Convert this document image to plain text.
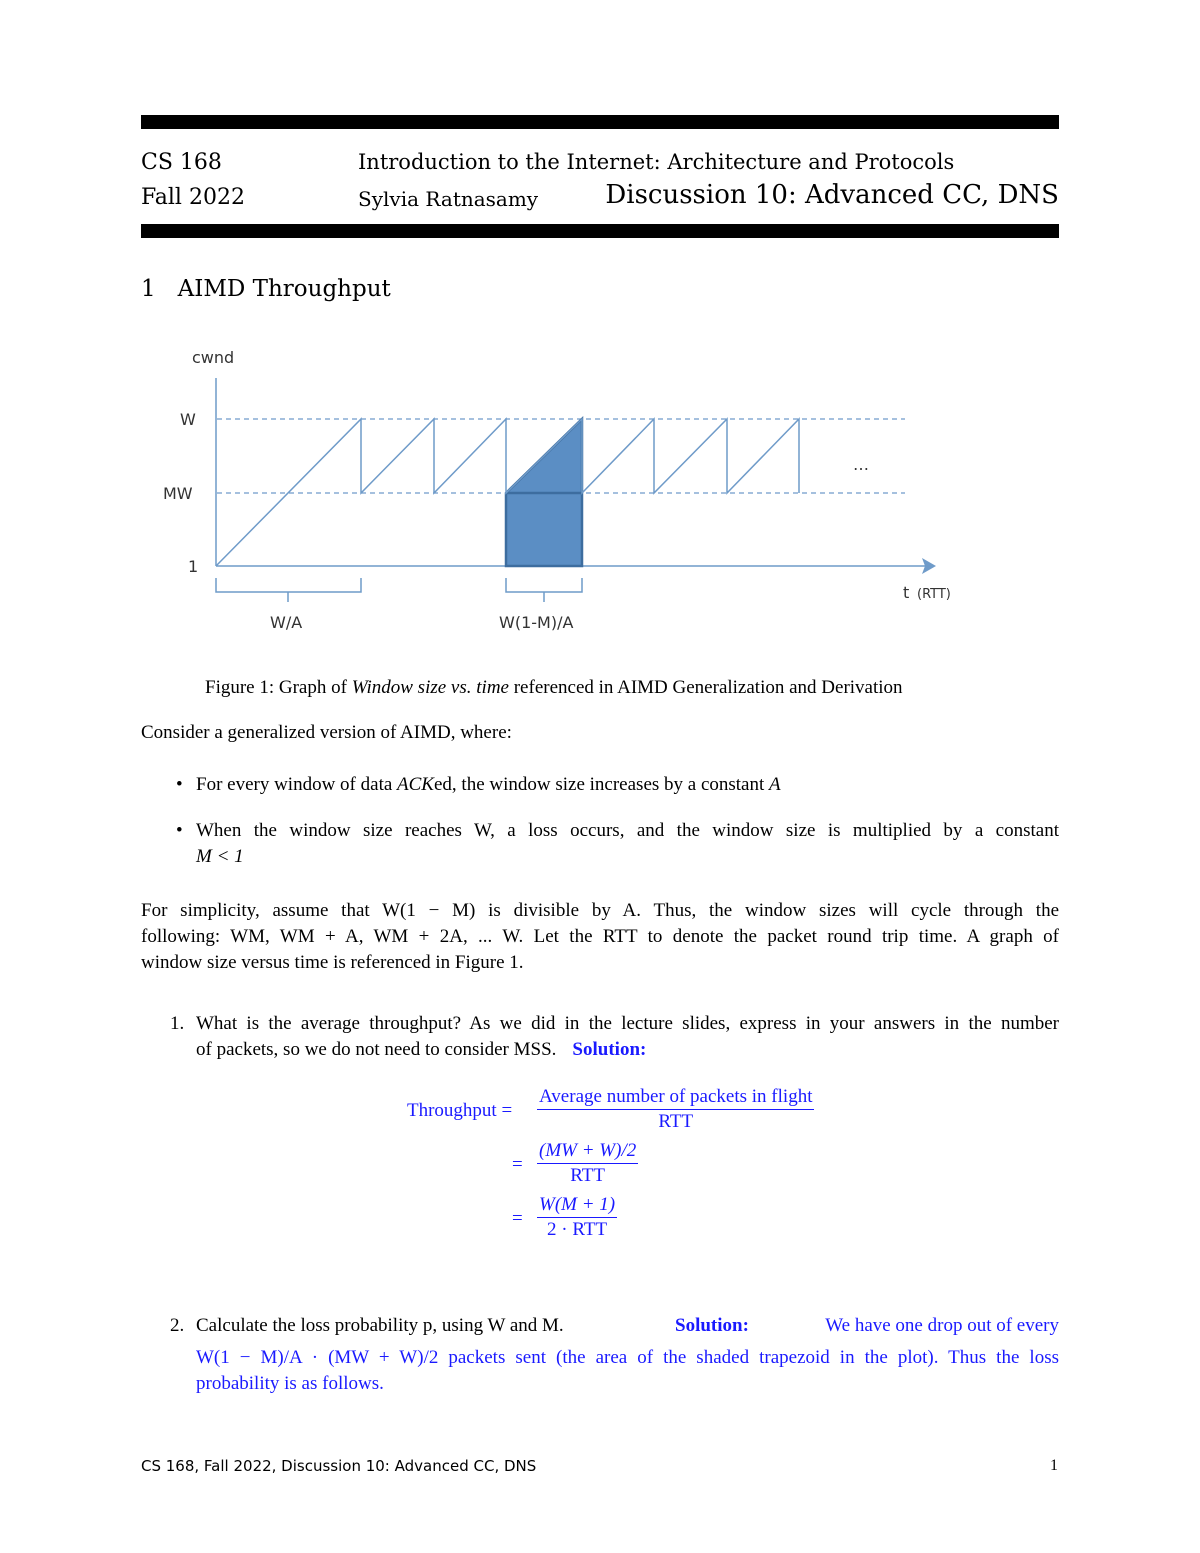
CS 168
Fall 2022
Introduction to the Internet: Architecture and Protocols
Sylvia Ratnasamy	Discussion 10: Advanced CC, DNS
1 AIMD Throughput
cwnd
W
MW
1
…
W/A	W(1-M)/A
t (RTT)
Figure 1: Graph of Window size vs. time referenced in AIMD Generalization and Derivation
Consider a generalized version of AIMD, where:
• For every window of data ACKed, the window size increases by a constant A
• When the window size reaches W, a loss occurs, and the window size is multiplied by a constant
M < 1
For simplicity, assume that W(1 − M) is divisible by A. Thus, the window sizes will cycle through the
following: WM, WM + A, WM + 2A, ... W. Let the RTT to denote the packet round trip time. A graph of
window size versus time is referenced in Figure 1.
1. What is the average throughput? As we did in the lecture slides, express in your answers in the number
of packets, so we do not need to consider MSS. Solution:
Throughput = $\frac{\text{Average number of packets in flight}}{\text{RTT}}$
= $\frac{(MW + W)/2}{\text{RTT}}$
= $\frac{W(M + 1)}{\text{2 · RTT}}$
2. Calculate the loss probability p, using W and M.	Solution:	We have one drop out of every
W(1 − M)/A · (MW + W)/2 packets sent (the area of the shaded trapezoid in the plot). Thus the loss
probability is as follows.
CS 168, Fall 2022, Discussion 10: Advanced CC, DNS	1
